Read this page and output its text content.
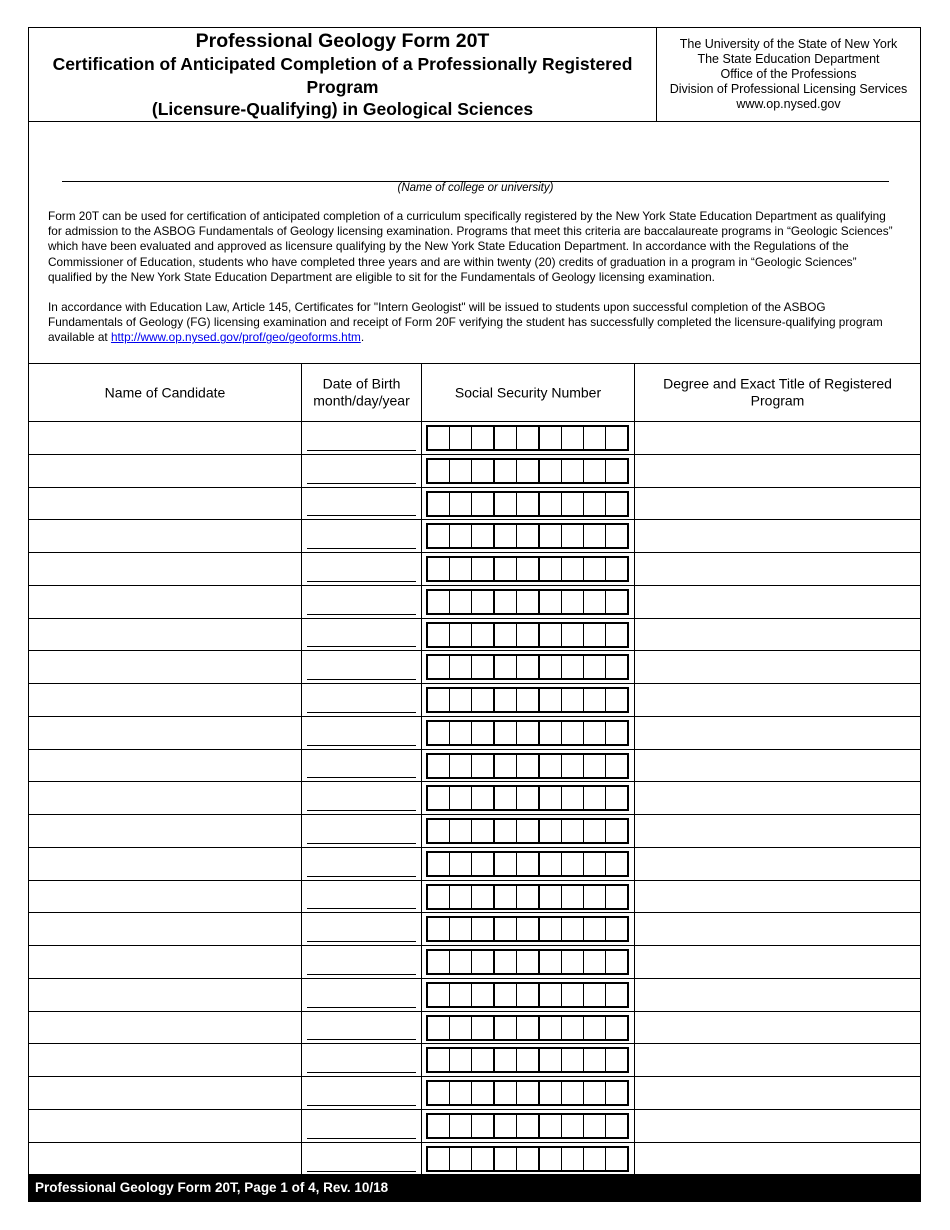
Professional Geology Form 20T
Certification of Anticipated Completion of a Professionally Registered
Program
(Licensure-Qualifying) in Geological Sciences
The University of the State of New York
The State Education Department
Office of the Professions
Division of Professional Licensing Services
www.op.nysed.gov
(Name of college or university)
Form 20T can be used for certification of anticipated completion of a curriculum specifically registered by the New York State Education Department as qualifying for admission to the ASBOG Fundamentals of Geology licensing examination. Programs that meet this criteria are baccalaureate programs in “Geologic Sciences” which have been evaluated and approved as licensure qualifying by the New York State Education Department. In accordance with the Regulations of the Commissioner of Education, students who have completed three years and are within twenty (20) credits of graduation in a program in “Geologic Sciences” qualified by the New York State Education Department are eligible to sit for the Fundamentals of Geology licensing examination.
In accordance with Education Law, Article 145, Certificates for "Intern Geologist" will be issued to students upon successful completion of the ASBOG Fundamentals of Geology (FG) licensing examination and receipt of Form 20F verifying the student has successfully completed the licensure-qualifying program available at http://www.op.nysed.gov/prof/geo/geoforms.htm.
Name of Candidate
Date of Birth
month/day/year
Social Security Number
Degree and Exact Title of Registered Program
Professional Geology Form 20T, Page 1 of 4, Rev. 10/18
